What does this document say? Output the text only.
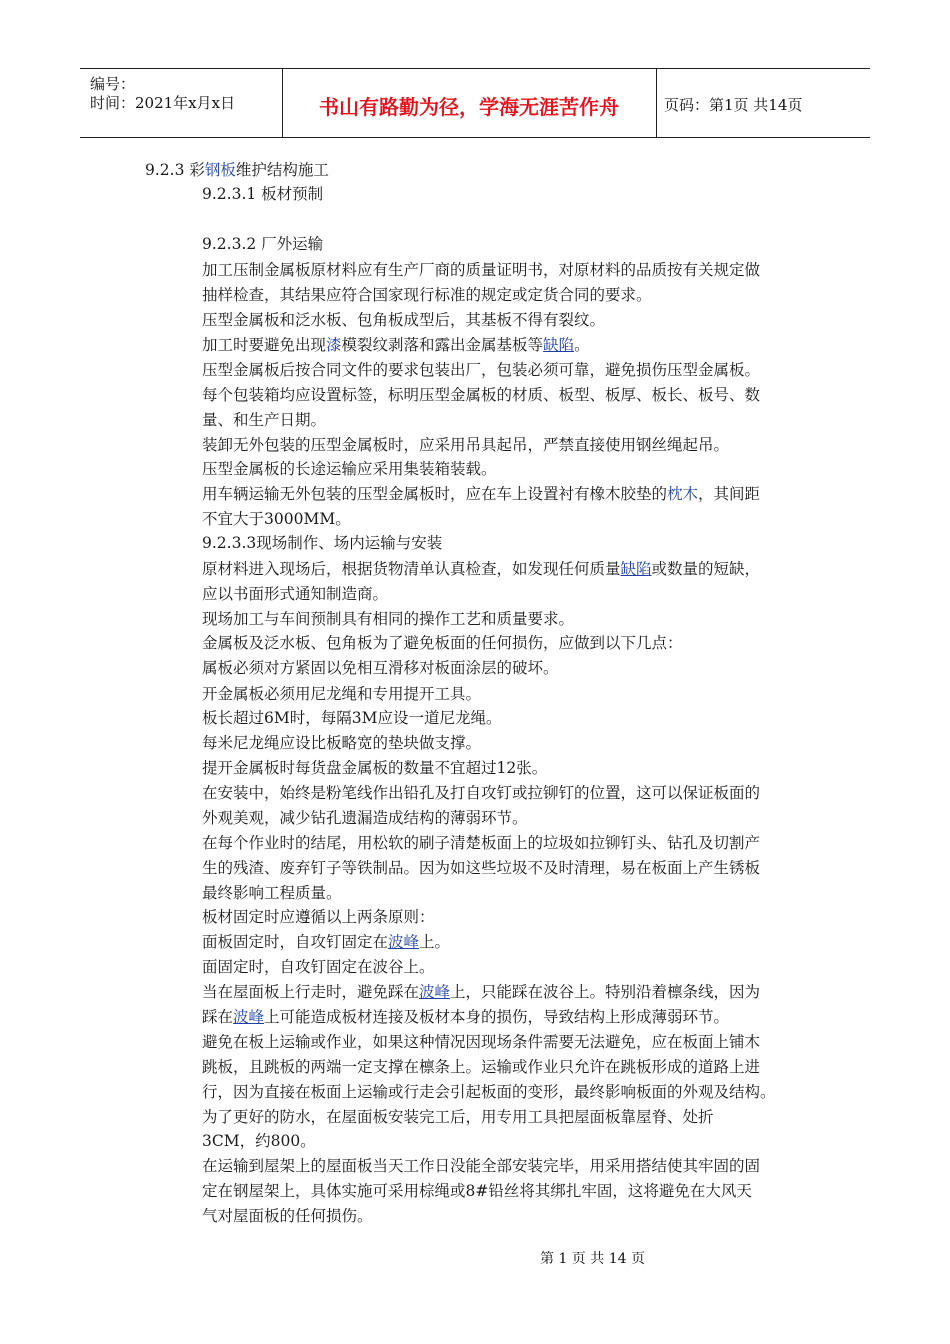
编号：
时间：2021年x月x日	书山有路勤为径，学海无涯苦作舟	页码：第1页 共14页
9.2.3 彩钢板维护结构施工
9.2.3.1 板材预制
9.2.3.2 厂外运输
加工压制金属板原材料应有生产厂商的质量证明书，对原材料的品质按有关规定做
抽样检查，其结果应符合国家现行标准的规定或定货合同的要求。
压型金属板和泛水板、包角板成型后，其基板不得有裂纹。
加工时要避免出现漆模裂纹剥落和露出金属基板等缺陷。
压型金属板后按合同文件的要求包装出厂，包装必须可靠，避免损伤压型金属板。
每个包装箱均应设置标签，标明压型金属板的材质、板型、板厚、板长、板号、数
量、和生产日期。
装卸无外包装的压型金属板时，应采用吊具起吊，严禁直接使用钢丝绳起吊。
压型金属板的长途运输应采用集装箱装载。
用车辆运输无外包装的压型金属板时，应在车上设置衬有橡木胶垫的枕木，其间距
不宜大于3000MM。
9.2.3.3现场制作、场内运输与安装
原材料进入现场后，根据货物清单认真检查，如发现任何质量缺陷或数量的短缺，
应以书面形式通知制造商。
现场加工与车间预制具有相同的操作工艺和质量要求。
金属板及泛水板、包角板为了避免板面的任何损伤，应做到以下几点：
属板必须对方紧固以免相互滑移对板面涂层的破坏。
开金属板必须用尼龙绳和专用提开工具。
板长超过6M时，每隔3M应设一道尼龙绳。
每米尼龙绳应设比板略宽的垫块做支撑。
提开金属板时每货盘金属板的数量不宜超过12张。
在安装中，始终是粉笔线作出铅孔及打自攻钉或拉铆钉的位置，这可以保证板面的
外观美观，减少钻孔遗漏造成结构的薄弱环节。
在每个作业时的结尾，用松软的刷子清楚板面上的垃圾如拉铆钉头、钻孔及切割产
生的残渣、废弃钉子等铁制品。因为如这些垃圾不及时清理，易在板面上产生锈板
最终影响工程质量。
板材固定时应遵循以上两条原则：
面板固定时，自攻钉固定在波峰上。
面固定时，自攻钉固定在波谷上。
当在屋面板上行走时，避免踩在波峰上，只能踩在波谷上。特别沿着檩条线，因为
踩在波峰上可能造成板材连接及板材本身的损伤，导致结构上形成薄弱环节。
避免在板上运输或作业，如果这种情况因现场条件需要无法避免，应在板面上铺木
跳板，且跳板的两端一定支撑在檩条上。运输或作业只允许在跳板形成的道路上进
行，因为直接在板面上运输或行走会引起板面的变形，最终影响板面的外观及结构。
为了更好的防水，在屋面板安装完工后，用专用工具把屋面板靠屋脊、处折
3CM，约800。
在运输到屋架上的屋面板当天工作日没能全部安装完毕，用采用搭结使其牢固的固
定在钢屋架上，具体实施可采用棕绳或8#铅丝将其绑扎牢固，这将避免在大风天
气对屋面板的任何损伤。
第 1 页 共 14 页
